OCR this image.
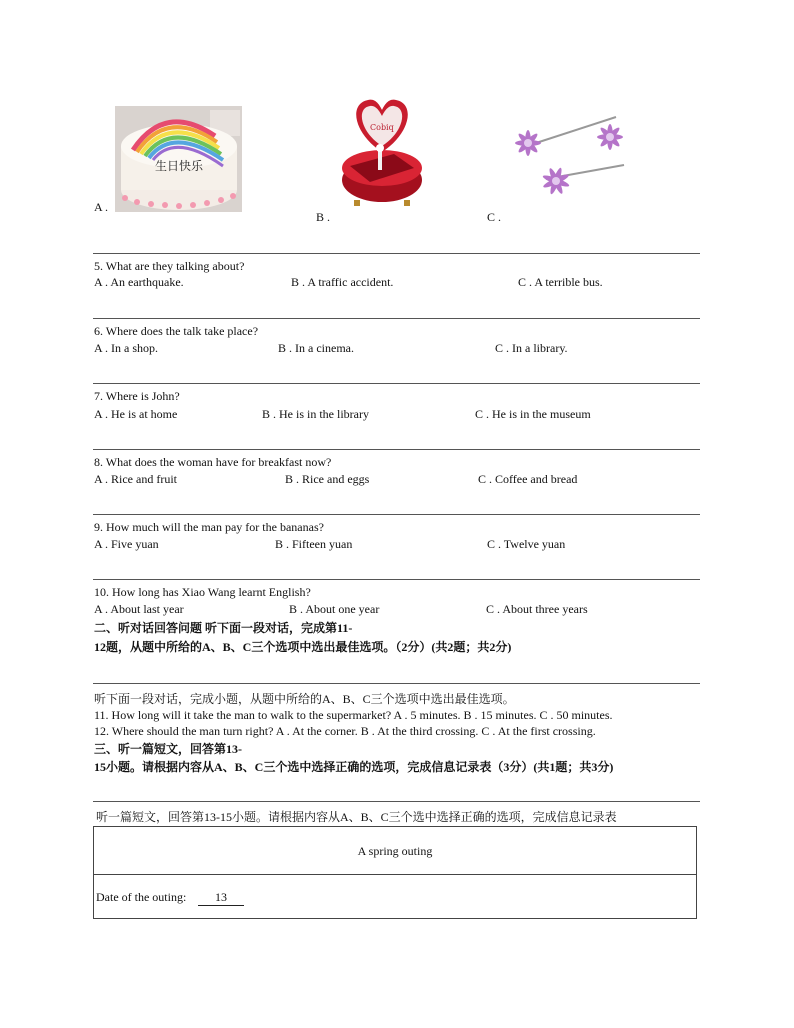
生日快乐
Cobiq
A .
B .	C .
5. What are they talking about?
A . An earthquake.	B . A traffic accident.	C . A terrible bus.
6. Where does the talk take place?
A . In a shop.	B . In a cinema.	C . In a library.
7. Where is John?
A . He is at home	B . He is in the library	C . He is in the museum
8. What does the woman have for breakfast now?
A . Rice and fruit	B . Rice and eggs	C . Coffee and bread
9. How much will the man pay for the bananas?
A . Five yuan	B . Fifteen yuan	C . Twelve yuan
10. How long has Xiao Wang learnt English?
A . About last year	B . About one year	C . About three years
二、听对话回答问题 听下面一段对话，完成第11-
12题，从题中所给的A、B、C三个选项中选出最佳选项。（2分）(共2题；共2分)
听下面一段对话，完成小题，从题中所给的A、B、C三个选项中选出最佳选项。
11. How long will it take the man to walk to the supermarket? A . 5 minutes. B . 15 minutes. C . 50 minutes.
12. Where should the man turn right? A . At the corner. B . At the third crossing. C . At the first crossing.
三、听一篇短文，回答第13-
15小题。请根据内容从A、B、C三个选中选择正确的选项，完成信息记录表（3分）(共1题；共3分)
听一篇短文，回答第13-15小题。请根据内容从A、B、C三个选中选择正确的选项，完成信息记录表
A spring outing
Date of the outing:	13
